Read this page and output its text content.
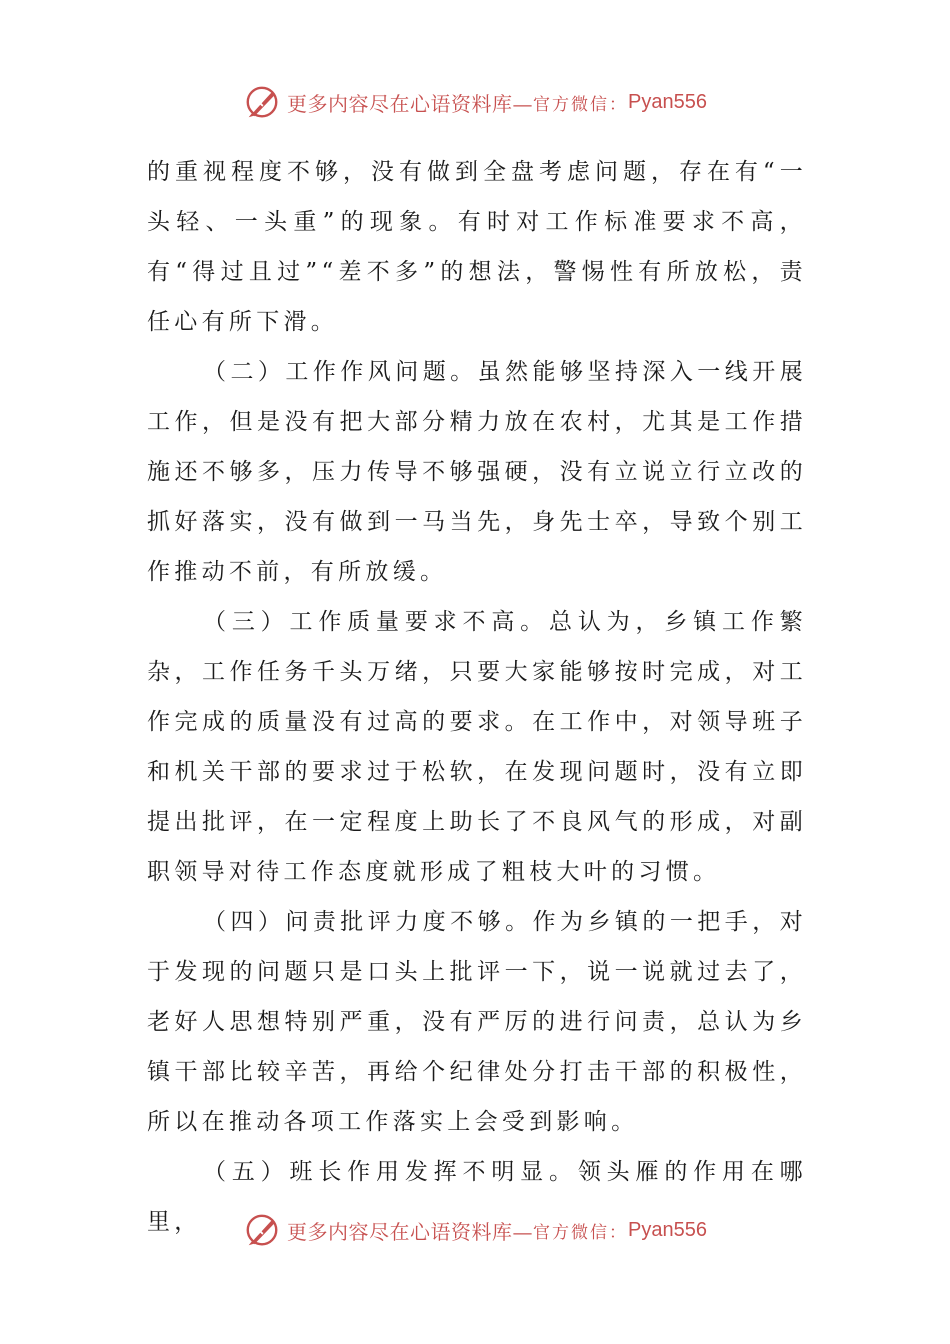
更多内容尽在心语资料库— 官方微信： Pyan556

的重视程度不够，没有做到全盘考虑问题，存在有“一头轻、一头重”的现象。有时对工作标准要求不高，有“得过且过”“差不多”的想法，警惕性有所放松，责任心有所下滑。

（二）工作作风问题。虽然能够坚持深入一线开展工作，但是没有把大部分精力放在农村，尤其是工作措施还不够多，压力传导不够强硬，没有立说立行立改的抓好落实，没有做到一马当先，身先士卒，导致个别工作推动不前，有所放缓。

（三）工作质量要求不高。总认为，乡镇工作繁杂，工作任务千头万绪，只要大家能够按时完成，对工作完成的质量没有过高的要求。在工作中，对领导班子和机关干部的要求过于松软，在发现问题时，没有立即提出批评，在一定程度上助长了不良风气的形成，对副职领导对待工作态度就形成了粗枝大叶的习惯。

（四）问责批评力度不够。作为乡镇的一把手，对于发现的问题只是口头上批评一下，说一说就过去了，老好人思想特别严重，没有严厉的进行问责，总认为乡镇干部比较辛苦，再给个纪律处分打击干部的积极性，所以在推动各项工作落实上会受到影响。

（五）班长作用发挥不明显。领头雁的作用在哪里，	更多内容尽在心语资料库— 官方微信： Pyan556
